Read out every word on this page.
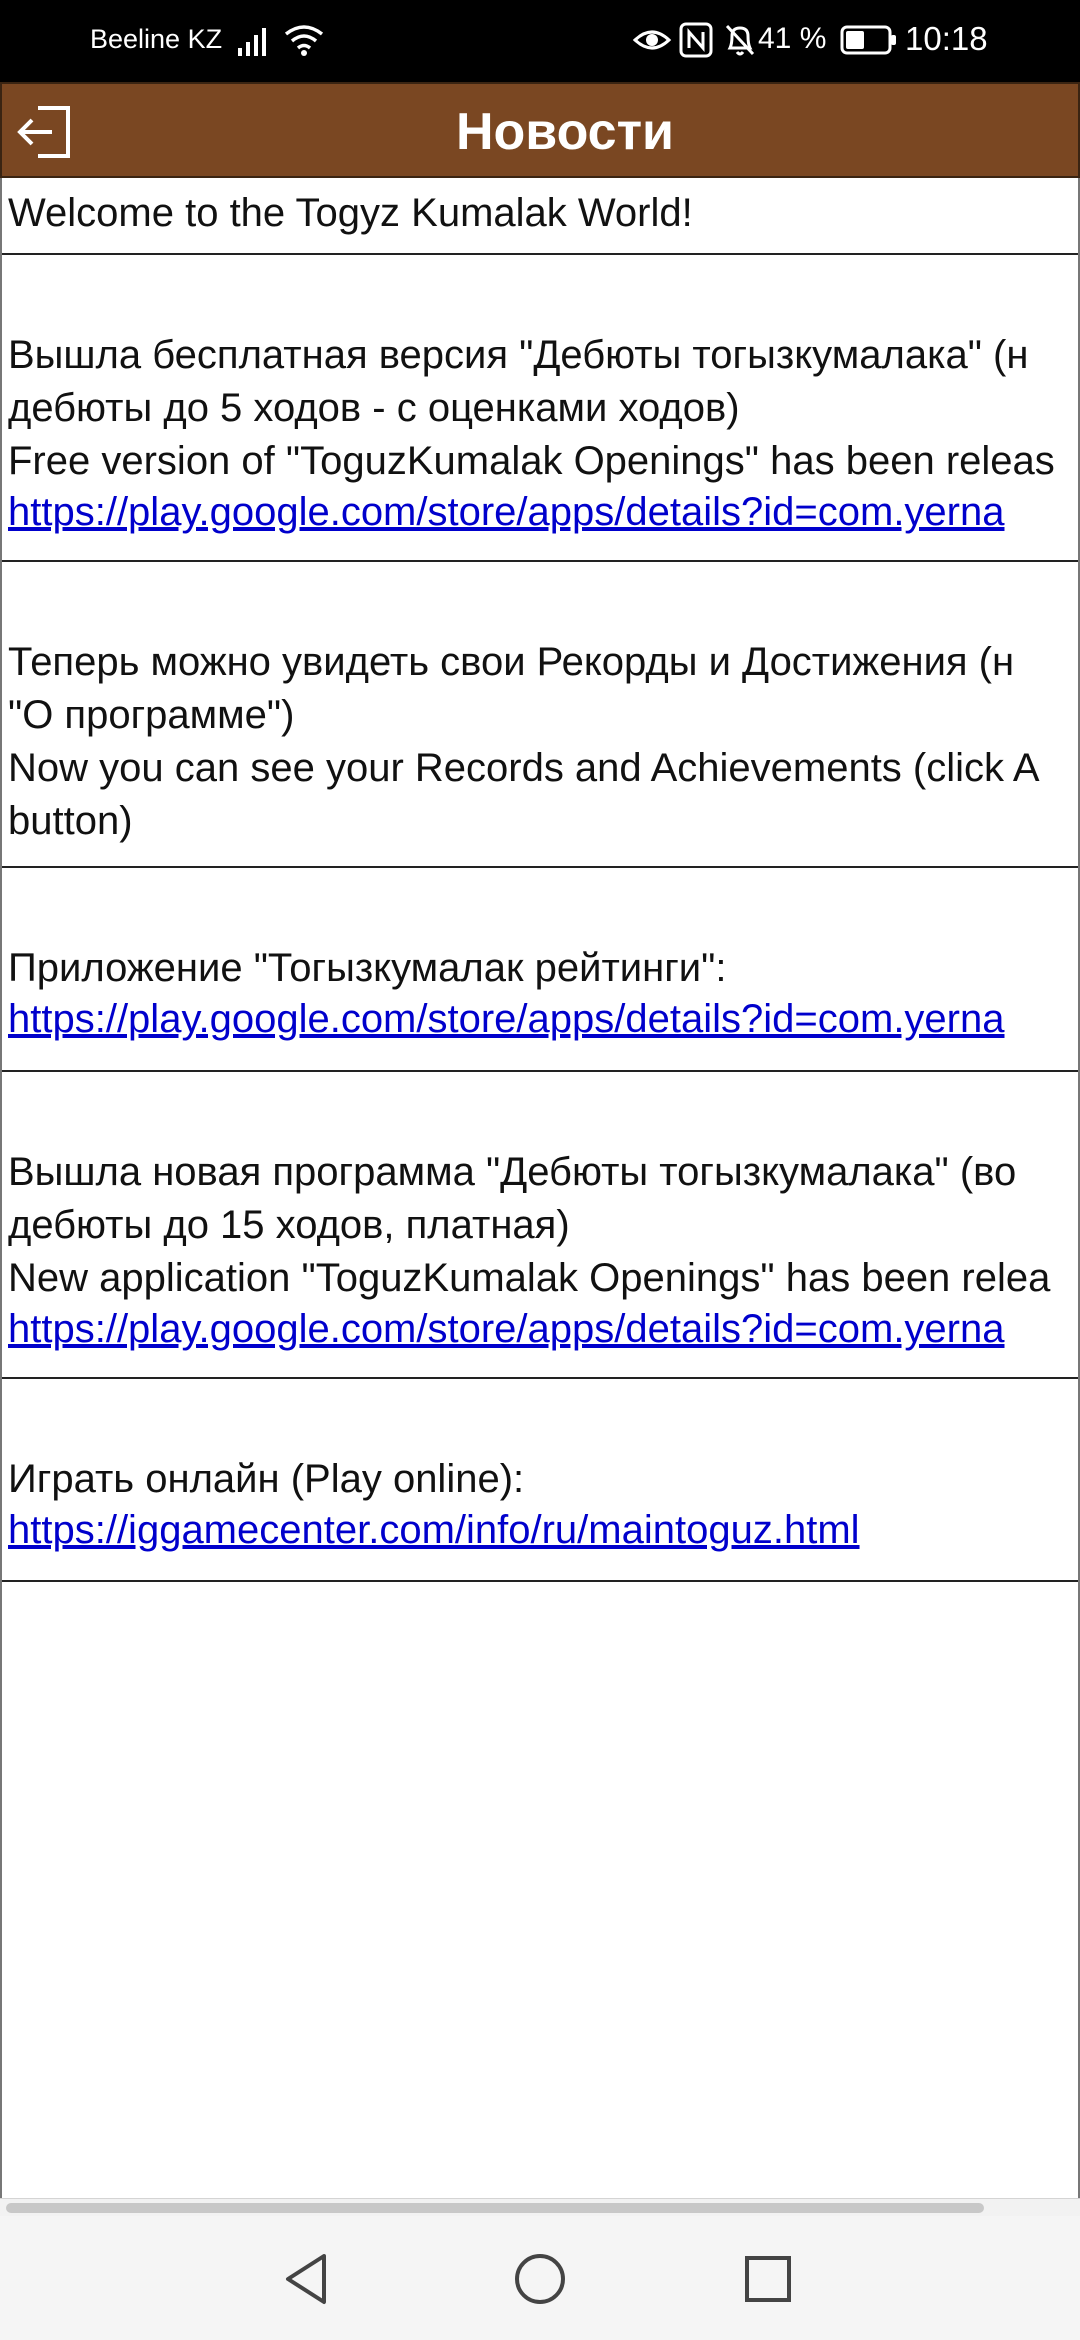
Beeline KZ	41 % 10:18
Новости
Welcome to the Togyz Kumalak World!
Вышла бесплатная версия "Дебюты тогызкумалака" (н
дебюты до 5 ходов - с оценками ходов)
Free version of "ToguzKumalak Openings" has been releas
https://play.google.com/store/apps/details?id=com.yerna
Теперь можно увидеть свои Рекорды и Достижения (н
"О программе")
Now you can see your Records and Achievements (click A
button)
Приложение "Тогызкумалак рейтинги":
https://play.google.com/store/apps/details?id=com.yerna
Вышла новая программа "Дебюты тогызкумалака" (во
дебюты до 15 ходов, платная)
New application "ToguzKumalak Openings" has been relea
https://play.google.com/store/apps/details?id=com.yerna
Играть онлайн (Play online):
https://iggamecenter.com/info/ru/maintoguz.html
